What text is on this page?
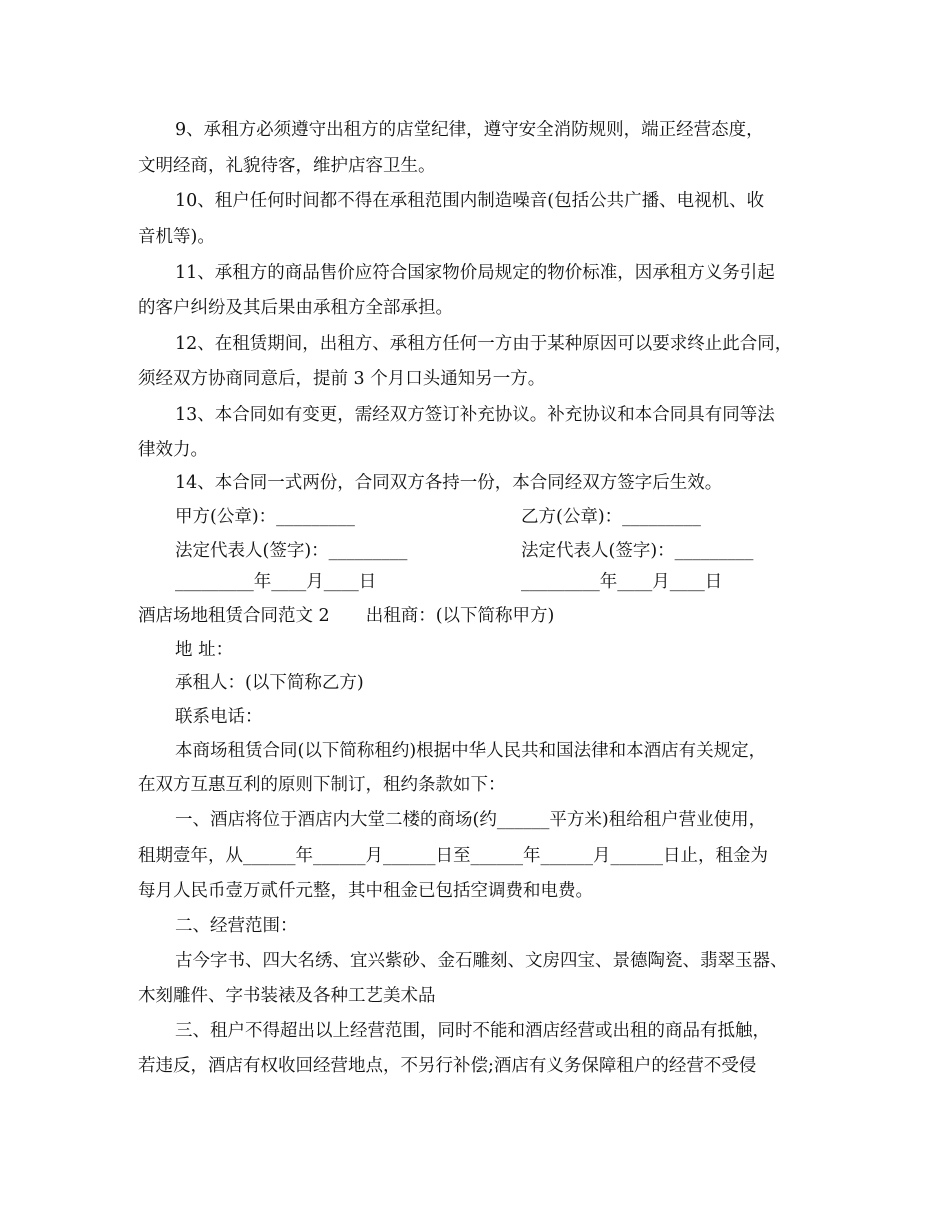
9、承租方必须遵守出租方的店堂纪律，遵守安全消防规则，端正经营态度，
文明经商，礼貌待客，维护店容卫生。
10、租户任何时间都不得在承租范围内制造噪音(包括公共广播、电视机、收
音机等)。
11、承租方的商品售价应符合国家物价局规定的物价标准，因承租方义务引起
的客户纠纷及其后果由承租方全部承担。
12、在租赁期间，出租方、承租方任何一方由于某种原因可以要求终止此合同，
须经双方协商同意后，提前 3 个月口头通知另一方。
13、本合同如有变更，需经双方签订补充协议。补充协议和本合同具有同等法
律效力。
14、本合同一式两份，合同双方各持一份，本合同经双方签字后生效。
甲方(公章)：_________	乙方(公章)：_________
法定代表人(签字)：_________	法定代表人(签字)：_________
_________年____月____日	_________年____月____日
酒店场地租赁合同范文 2 出租商：(以下简称甲方)
地 址：
承租人：(以下简称乙方)
联系电话：
本商场租赁合同(以下简称租约)根据中华人民共和国法律和本酒店有关规定，
在双方互惠互利的原则下制订，租约条款如下：
一、酒店将位于酒店内大堂二楼的商场(约______平方米)租给租户营业使用，
租期壹年，从______年______月______日至______年______月______日止，租金为
每月人民币壹万贰仟元整，其中租金已包括空调费和电费。
二、经营范围：
古今字书、四大名绣、宜兴紫砂、金石雕刻、文房四宝、景德陶瓷、翡翠玉器、
木刻雕件、字书装裱及各种工艺美术品
三、租户不得超出以上经营范围，同时不能和酒店经营或出租的商品有抵触，
若违反，酒店有权收回经营地点，不另行补偿;酒店有义务保障租户的经营不受侵
